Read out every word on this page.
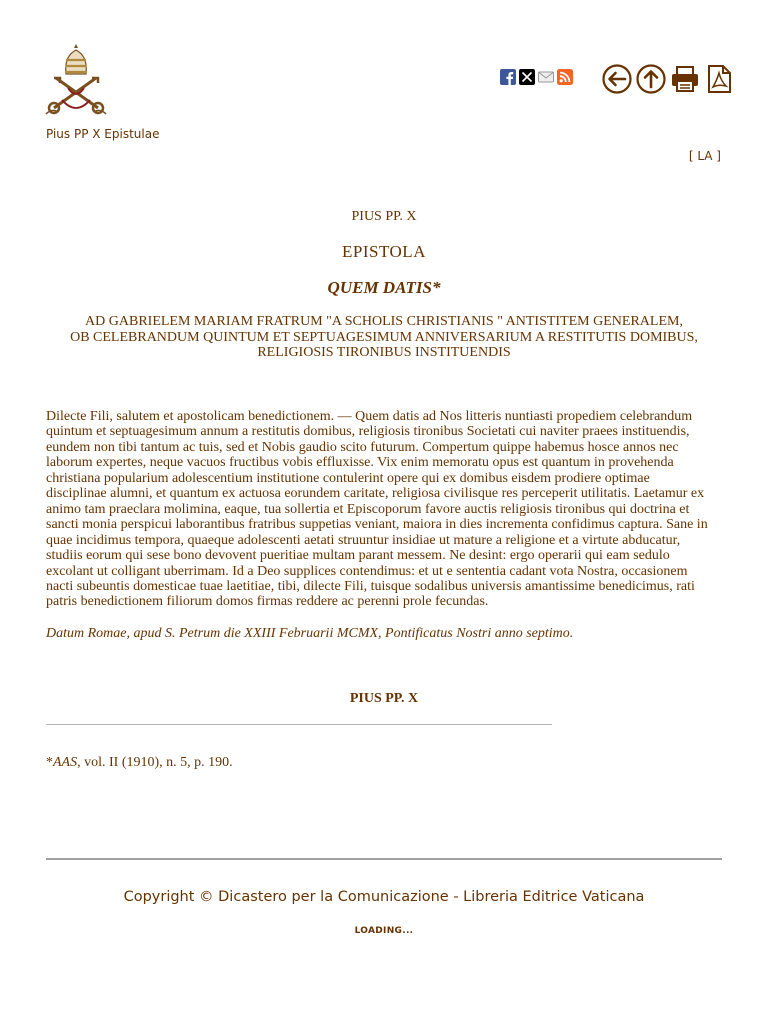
Pius PP X Epistulae
[ LA ]
PIUS PP. X
EPISTOLA
QUEM DATIS*
AD GABRIELEM MARIAM FRATRUM "A SCHOLIS CHRISTIANIS " ANTISTITEM GENERALEM,
OB CELEBRANDUM QUINTUM ET SEPTUAGESIMUM ANNIVERSARIUM A RESTITUTIS DOMIBUS,
RELIGIOSIS TIRONIBUS INSTITUENDIS
Dilecte Fili, salutem et apostolicam benedictionem. — Quem datis ad Nos litteris nuntiasti propediem celebrandum
quintum et septuagesimum annum a restitutis domibus, religiosis tironibus Societati cui naviter praees instituendis,
eundem non tibi tantum ac tuis, sed et Nobis gaudio scito futurum. Compertum quippe habemus hosce annos nec
laborum expertes, neque vacuos fructibus vobis effluxisse. Vix enim memoratu opus est quantum in provehenda
christiana popularium adolescentium institutione contulerint opere qui ex domibus eisdem prodiere optimae
disciplinae alumni, et quantum ex actuosa eorundem caritate, religiosa civilisque res perceperit utilitatis. Laetamur ex
animo tam praeclara molimina, eaque, tua sollertia et Episcoporum favore auctis religiosis tironibus qui doctrina et
sancti monia perspicui laborantibus fratribus suppetias veniant, maiora in dies incrementa confidimus captura. Sane in
quae incidimus tempora, quaeque adolescenti aetati struuntur insidiae ut mature a religione et a virtute abducatur,
studiis eorum qui sese bono devovent pueritiae multam parant messem. Ne desint: ergo operarii qui eam sedulo
excolant ut colligant uberrimam. Id a Deo supplices contendimus: et ut e sententia cadant vota Nostra, occasionem
nacti subeuntis domesticae tuae laetitiae, tibi, dilecte Fili, tuisque sodalibus universis amantissime benedicimus, rati
patris benedictionem filiorum domos firmas reddere ac perenni prole fecundas.
Datum Romae, apud S. Petrum die XXIII Februarii MCMX, Pontificatus Nostri anno septimo.
PIUS PP. X
*AAS, vol. II (1910), n. 5, p. 190.
Copyright © Dicastero per la Comunicazione - Libreria Editrice Vaticana
LOADING...
